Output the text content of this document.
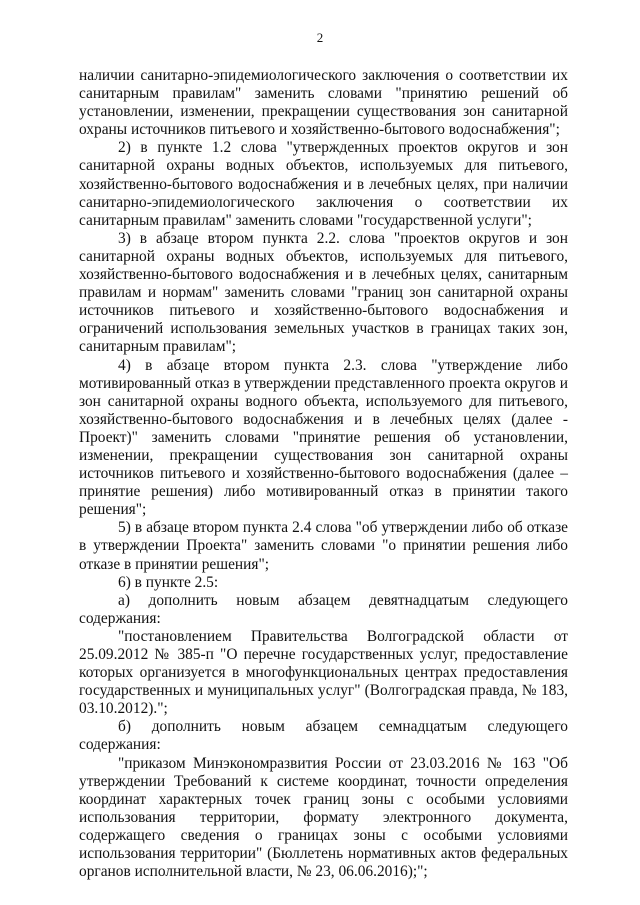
2

наличии санитарно-эпидемиологического заключения о соответствии их санитарным правилам" заменить словами "принятию решений об установлении, изменении, прекращении существования зон санитарной охраны источников питьевого и хозяйственно-бытового водоснабжения";

2) в пункте 1.2 слова "утвержденных проектов округов и зон санитарной охраны водных объектов, используемых для питьевого, хозяйственно-бытового водоснабжения и в лечебных целях, при наличии санитарно-эпидемиологического заключения о соответствии их санитарным правилам" заменить словами "государственной услуги";

3) в абзаце втором пункта 2.2. слова "проектов округов и зон санитарной охраны водных объектов, используемых для питьевого, хозяйственно-бытового водоснабжения и в лечебных целях, санитарным правилам и нормам" заменить словами "границ зон санитарной охраны источников питьевого и хозяйственно-бытового водоснабжения и ограничений использования земельных участков в границах таких зон, санитарным правилам";

4) в абзаце втором пункта 2.3. слова "утверждение либо мотивированный отказ в утверждении представленного проекта округов и зон санитарной охраны водного объекта, используемого для питьевого, хозяйственно-бытового водоснабжения и в лечебных целях (далее - Проект)" заменить словами "принятие решения об установлении, изменении, прекращении существования зон санитарной охраны источников питьевого и хозяйственно-бытового водоснабжения (далее – принятие решения) либо мотивированный отказ в принятии такого решения";

5) в абзаце втором пункта 2.4 слова "об утверждении либо об отказе в утверждении Проекта" заменить словами "о принятии решения либо отказе в принятии решения";

6) в пункте 2.5:

а) дополнить новым абзацем девятнадцатым следующего содержания:

"постановлением Правительства Волгоградской области от 25.09.2012 № 385-п "О перечне государственных услуг, предоставление которых организуется в многофункциональных центрах предоставления государственных и муниципальных услуг" (Волгоградская правда, № 183, 03.10.2012).";

б) дополнить новым абзацем семнадцатым следующего содержания:

"приказом Минэкономразвития России от 23.03.2016 № 163 "Об утверждении Требований к системе координат, точности определения координат характерных точек границ зоны с особыми условиями использования территории, формату электронного документа, содержащего сведения о границах зоны с особыми условиями использования территории" (Бюллетень нормативных актов федеральных органов исполнительной власти, № 23, 06.06.2016);";
